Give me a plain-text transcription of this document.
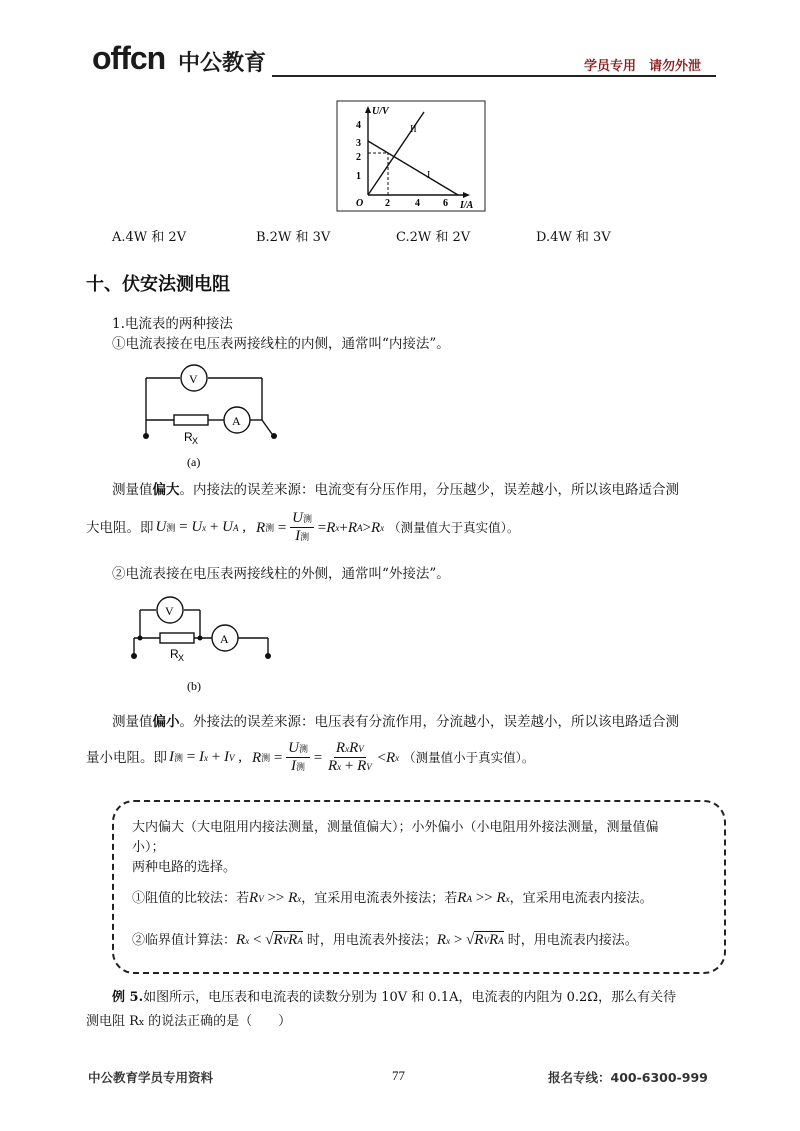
offcn 中公教育	学员专用　请勿外泄
U/V
I/A
O
4
3
2
1
2	4 6
II
I
A.4W 和 2V	B.2W 和 3V	C.2W 和 2V	D.4W 和 3V
十、伏安法测电阻
1.电流表的两种接法
①电流表接在电压表两接线柱的内侧，通常叫“内接法”。
V
A
R X
(a)
测量值偏大。内接法的误差来源：电流变有分压作用，分压越少，误差越小，所以该电路适合测
大电阻。即 U测 = Ux + UA , R 测 = $\frac{\text{U测}}{\text{I测}} = R$ x + R A > R x （测量值大于真实值）。
②电流表接在电压表两接线柱的外侧，通常叫“外接法”。
V
A
R X
(b)
测量值偏小。外接法的误差来源：电压表有分流作用，分流越小，误差越小，所以该电路适合测
量小电阻。即 I测 = Ix + IV , R 测 = $\frac{\text{U测}}{\text{I测}} = \frac{\text{RxRV}}{Rx + RV} < R$ x （测量值小于真实值）。
大内偏大（大电阻用内接法测量，测量值偏大）；小外偏小（小电阻用外接法测量，测量值偏
小）；
两种电路的选择。
①阻值的比较法：若RV >> Rx，宜采用电流表外接法；若RA >> Rx，宜采用电流表内接法。
②临界值计算法：Rx < √RVRA 时，用电流表外接法；Rx > √RVRA 时，用电流表内接法。
例 5.如图所示，电压表和电流表的读数分别为 10V 和 0.1A，电流表的内阻为 0.2Ω，那么有关待
测电阻 Rx 的说法正确的是（　　）
中公教育学员专用资料	77	报名专线：400-6300-999
